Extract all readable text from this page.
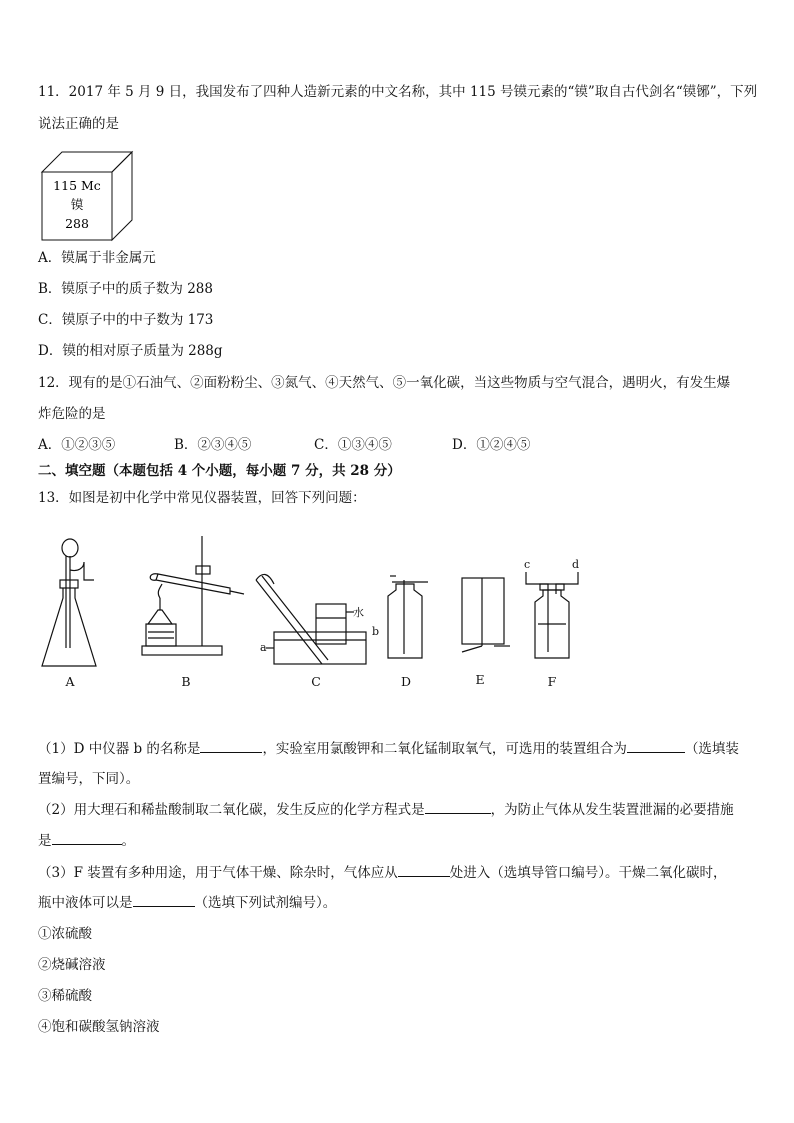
11．2017 年 5 月 9 日，我国发布了四种人造新元素的中文名称，其中 115 号镆元素的“镆”取自古代剑名“镆铘”，下列
说法正确的是
115 Mc
镆
288
A．镆属于非金属元
B．镆原子中的质子数为 288
C．镆原子中的中子数为 173
D．镆的相对原子质量为 288g
12．现有的是①石油气、②面粉粉尘、③氮气、④天然气、⑤一氧化碳，当这些物质与空气混合，遇明火，有发生爆
炸危险的是
A．①②③⑤	B．②③④⑤	C．①③④⑤	D．①②④⑤
二、填空题（本题包括 4 个小题，每小题 7 分，共 28 分）
13．如图是初中化学中常见仪器装置，回答下列问题：
水
a
b
c	d
A	B	C	D	E	F
（1）D 中仪器 b 的名称是	，实验室用氯酸钾和二氧化锰制取氧气，可选用的装置组合为	（选填装
置编号，下同）。
（2）用大理石和稀盐酸制取二氧化碳，发生反应的化学方程式是	，为防止气体从发生装置泄漏的必要措施
是	。
（3）F 装置有多种用途，用于气体干燥、除杂时，气体应从	处进入（选填导管口编号）。干燥二氧化碳时，
瓶中液体可以是	（选填下列试剂编号）。
①浓硫酸
②烧碱溶液
③稀硫酸
④饱和碳酸氢钠溶液
